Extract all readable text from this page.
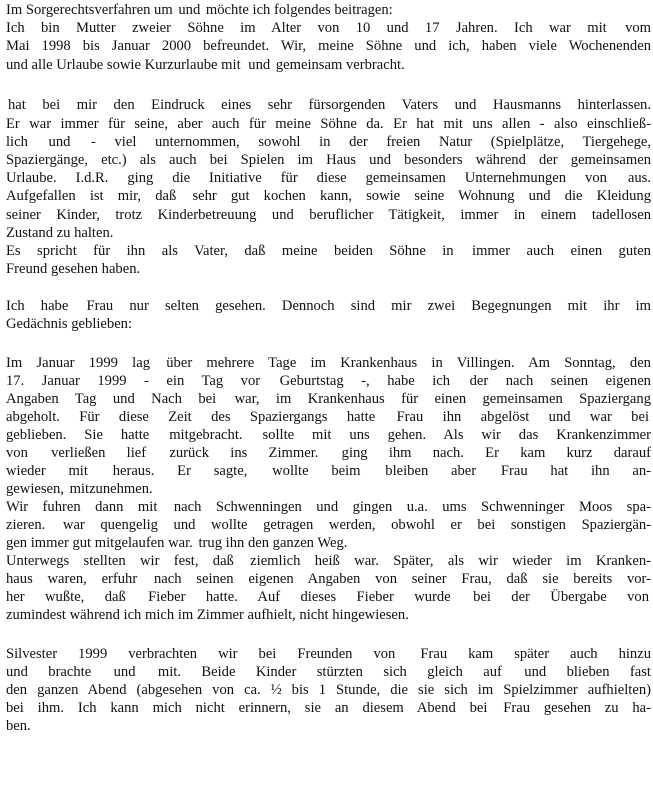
Im Sorgerechtsverfahren um und möchte ich folgendes beitragen:
Ich bin Mutter zweier Söhne im Alter von 10 und 17 Jahren. Ich war mit vom
Mai 1998 bis Januar 2000 befreundet. Wir, meine Söhne und ich, haben viele Wochenenden
und alle Urlaube sowie Kurzurlaube mit und gemeinsam verbracht.
hat bei mir den Eindruck eines sehr fürsorgenden Vaters und Hausmanns hinterlassen.
Er war immer für seine, aber auch für meine Söhne da. Er hat mit uns allen - also einschließ-
lich und - viel unternommen, sowohl in der freien Natur (Spielplätze, Tiergehege,
Spaziergänge, etc.) als auch bei Spielen im Haus und besonders während der gemeinsamen
Urlaube. I.d.R. ging die Initiative für diese gemeinsamen Unternehmungen von aus.
Aufgefallen ist mir, daß sehr gut kochen kann, sowie seine Wohnung und die Kleidung
seiner Kinder, trotz Kinderbetreuung und beruflicher Tätigkeit, immer in einem tadellosen
Zustand zu halten.
Es spricht für ihn als Vater, daß meine beiden Söhne in immer auch einen guten
Freund gesehen haben.
Ich habe Frau nur selten gesehen. Dennoch sind mir zwei Begegnungen mit ihr im
Gedächnis geblieben:
Im Januar 1999 lag über mehrere Tage im Krankenhaus in Villingen. Am Sonntag, den
17. Januar 1999 - ein Tag vor Geburtstag -, habe ich der nach seinen eigenen
Angaben Tag und Nach bei war, im Krankenhaus für einen gemeinsamen Spaziergang
abgeholt. Für diese Zeit des Spaziergangs hatte Frau ihn abgelöst und war bei
geblieben. Sie hatte mitgebracht. sollte mit uns gehen. Als wir das Krankenzimmer
von verließen lief zurück ins Zimmer. ging ihm nach. Er kam kurz darauf
wieder mit heraus. Er sagte, wollte beim bleiben aber Frau hat ihn an-
gewiesen, mitzunehmen.
Wir fuhren dann mit nach Schwenningen und gingen u.a. ums Schwenninger Moos spa-
zieren. war quengelig und wollte getragen werden, obwohl er bei sonstigen Spaziergän-
gen immer gut mitgelaufen war. trug ihn den ganzen Weg.
Unterwegs stellten wir fest, daß ziemlich heiß war. Später, als wir wieder im Kranken-
haus waren, erfuhr nach seinen eigenen Angaben von seiner Frau, daß sie bereits vor-
her wußte, daß Fieber hatte. Auf dieses Fieber wurde bei der Übergabe von
zumindest während ich mich im Zimmer aufhielt, nicht hingewiesen.
Silvester 1999 verbrachten wir bei Freunden von Frau kam später auch hinzu
und brachte und mit. Beide Kinder stürzten sich gleich auf und blieben fast
den ganzen Abend (abgesehen von ca. ½ bis 1 Stunde, die sie sich im Spielzimmer aufhielten)
bei ihm. Ich kann mich nicht erinnern, sie an diesem Abend bei Frau gesehen zu ha-
ben.
